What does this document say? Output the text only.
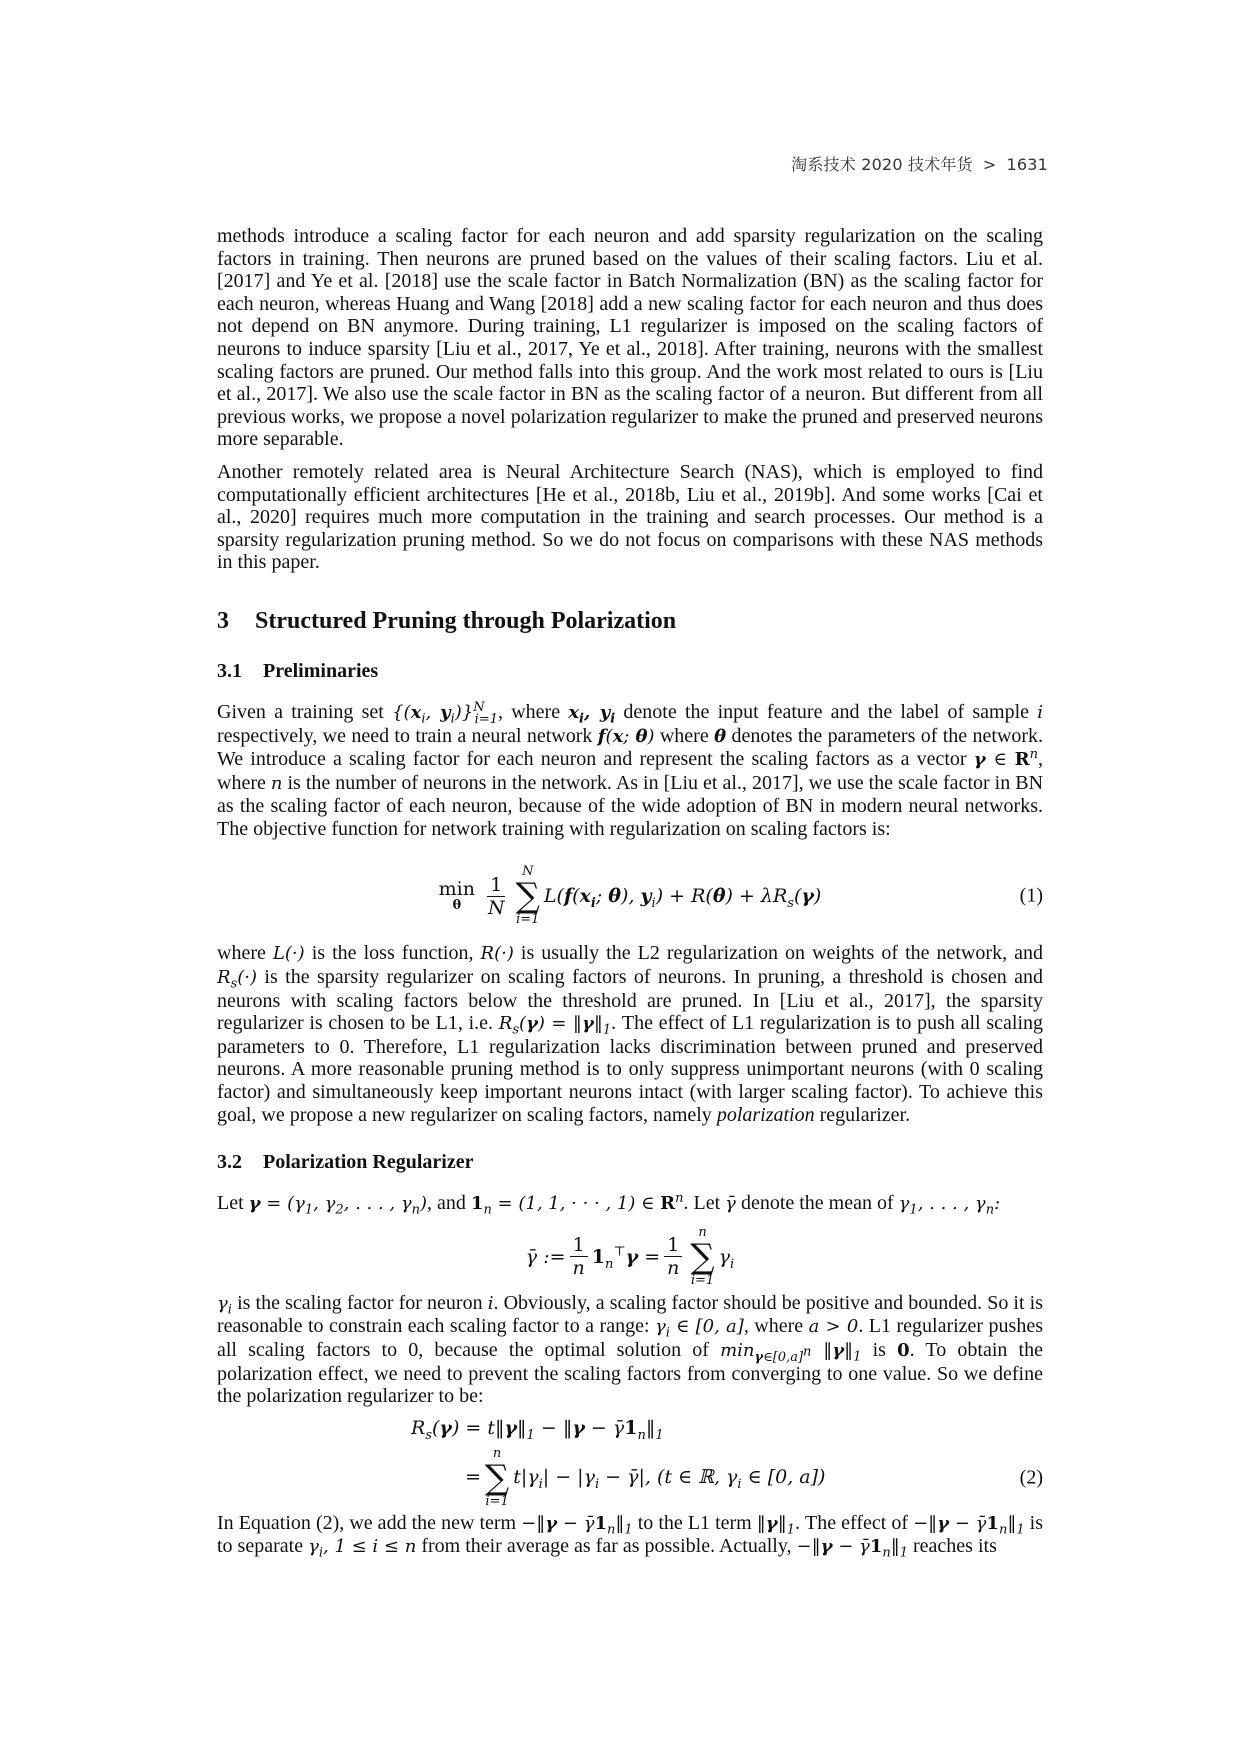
淘系技术 2020 技术年货 > 1631

methods introduce a scaling factor for each neuron and add sparsity regularization on the scaling factors in training. Then neurons are pruned based on the values of their scaling factors. Liu et al. [2017] and Ye et al. [2018] use the scale factor in Batch Normalization (BN) as the scaling factor for each neuron, whereas Huang and Wang [2018] add a new scaling factor for each neuron and thus does not depend on BN anymore. During training, L1 regularizer is imposed on the scaling factors of neurons to induce sparsity [Liu et al., 2017, Ye et al., 2018]. After training, neurons with the smallest scaling factors are pruned. Our method falls into this group. And the work most related to ours is [Liu et al., 2017]. We also use the scale factor in BN as the scaling factor of a neuron. But different from all previous works, we propose a novel polarization regularizer to make the pruned and preserved neurons more separable.

Another remotely related area is Neural Architecture Search (NAS), which is employed to find computationally efficient architectures [He et al., 2018b, Liu et al., 2019b]. And some works [Cai et al., 2020] requires much more computation in the training and search processes. Our method is a sparsity regularization pruning method. So we do not focus on comparisons with these NAS methods in this paper.

3 Structured Pruning through Polarization
3.1 Preliminaries

Given a training set {($x_i$, $y_i)\}^N_{i=1}$, where $x_i$, $y_i$ denote the input feature and the label of sample i respectively, we need to train a neural network f(x; θ) where θ denotes the parameters of the network. We introduce a scaling factor for each neuron and represent the scaling factors as a vector γ ∈ $R^n$, where n is the number of neurons in the network. As in [Liu et al., 2017], we use the scale factor in BN as the scaling factor of each neuron, because of the wide adoption of BN in modern neural networks. The objective function for network training with regularization on scaling factors is:

min
θ $\frac{1}{N}$
N
∑
i=1
$L(f(x_i$; θ), $y_i) + R(\theta) + \lambda R_s(\gamma)$	(1)

where L(·) is the loss function, R(·) is usually the L2 regularization on weights of the network, and $R_s(\cdot)$ is the sparsity regularizer on scaling factors of neurons. In pruning, a threshold is chosen and neurons with scaling factors below the threshold are pruned. In [Liu et al., 2017], the sparsity regularizer is chosen to be L1, i.e. $R_s(\gamma)$ = $‖\gamma‖_1$. The effect of L1 regularization is to push all scaling parameters to 0. Therefore, L1 regularization lacks discrimination between pruned and preserved neurons. A more reasonable pruning method is to only suppress unimportant neurons (with 0 scaling factor) and simultaneously keep important neurons intact (with larger scaling factor). To achieve this goal, we propose a new regularizer on scaling factors, namely polarization regularizer.

3.2 Polarization Regularizer

Let $\gamma = (\gamma_1$, $\gamma_2$, . . . , $\gamma_n$), and $1_n = (1$, 1, · · · , 1) ∈ $R^n$. Let γ̄ denote the mean of $\gamma_1$, . . . , $\gamma_n$:

γ̄ := $\frac{1}{n} 1_n^⊤\gamma = \frac{1}{n}$
n
∑
i=1
$\gamma_i$

$\gamma_i$ is the scaling factor for neuron i. Obviously, a scaling factor should be positive and bounded. So it is reasonable to constrain each scaling factor to a range: $\gamma_i$ ∈ [0, a], where a > 0. L1 regularizer pushes all scaling factors to 0, because the optimal solution of $\min_{\gamma\in[0,a]^n}$ $‖\gamma‖_1$ is 0. To obtain the polarization effect, we need to prevent the scaling factors from converging to one value. So we define the polarization regularizer to be:

$R_s(\gamma)$ = $t‖\gamma‖_1$ − ‖γ − $\gammā1_n‖_1$
=
n
∑
i=1
$t|\gamma_i| - |\gamma_i$ − γ̄|, (t ∈ ℝ, $\gamma_i$ ∈ [0, a])	(2)

In Equation (2), we add the new term −‖γ − $\gammā1_n‖_1$ to the L1 term $‖\gamma‖_1$. The effect of −‖γ − $\gammā1_n‖_1$ is to separate $\gamma_i$, 1 ≤ i ≤ n from their average as far as possible. Actually, −‖γ − $\gammā1_n‖_1$ reaches its
